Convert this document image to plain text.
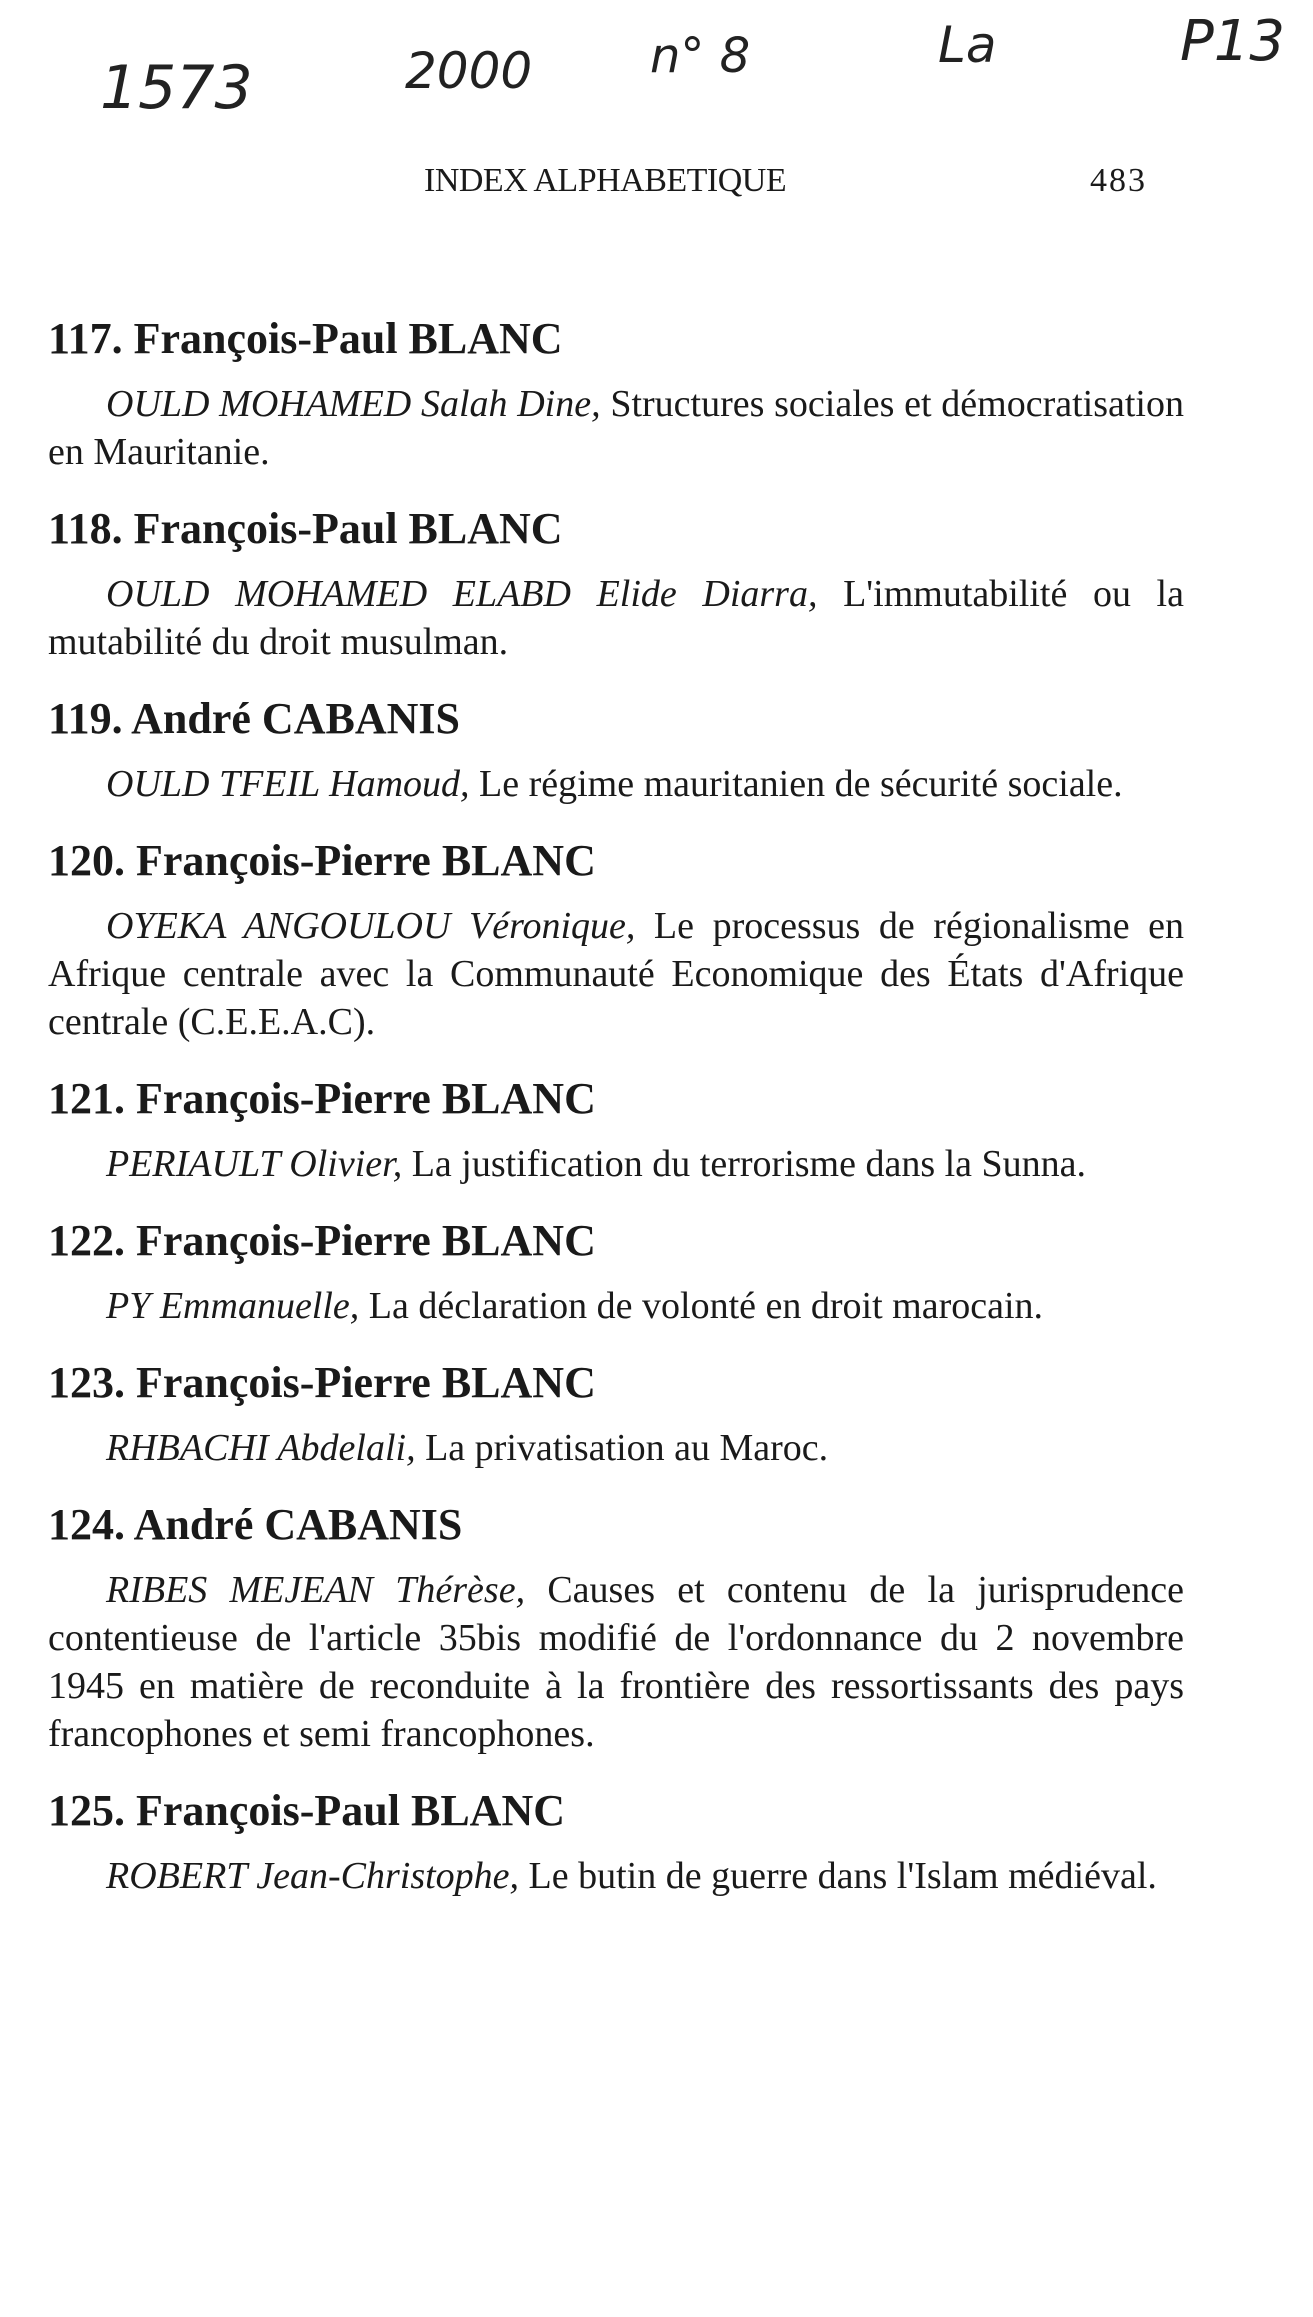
1573	2000 n° 8	La	P13
INDEX ALPHABETIQUE	483
117. François-Paul BLANC

OULD MOHAMED Salah Dine, Structures sociales et démocratisation en Mauritanie.

118. François-Paul BLANC

OULD MOHAMED ELABD Elide Diarra, L'immutabilité ou la mutabilité du droit musulman.

119. André CABANIS

OULD TFEIL Hamoud, Le régime mauritanien de sécurité sociale.

120. François-Pierre BLANC

OYEKA ANGOULOU Véronique, Le processus de régionalisme en Afrique centrale avec la Communauté Economique des États d'Afrique centrale (C.E.E.A.C).

121. François-Pierre BLANC

PERIAULT Olivier, La justification du terrorisme dans la Sunna.

122. François-Pierre BLANC

PY Emmanuelle, La déclaration de volonté en droit marocain.

123. François-Pierre BLANC

RHBACHI Abdelali, La privatisation au Maroc.

124. André CABANIS

RIBES MEJEAN Thérèse, Causes et contenu de la jurisprudence contentieuse de l'article 35bis modifié de l'ordonnance du 2 novembre 1945 en matière de reconduite à la frontière des ressortissants des pays francophones et semi francophones.

125. François-Paul BLANC

ROBERT Jean-Christophe, Le butin de guerre dans l'Islam médiéval.
